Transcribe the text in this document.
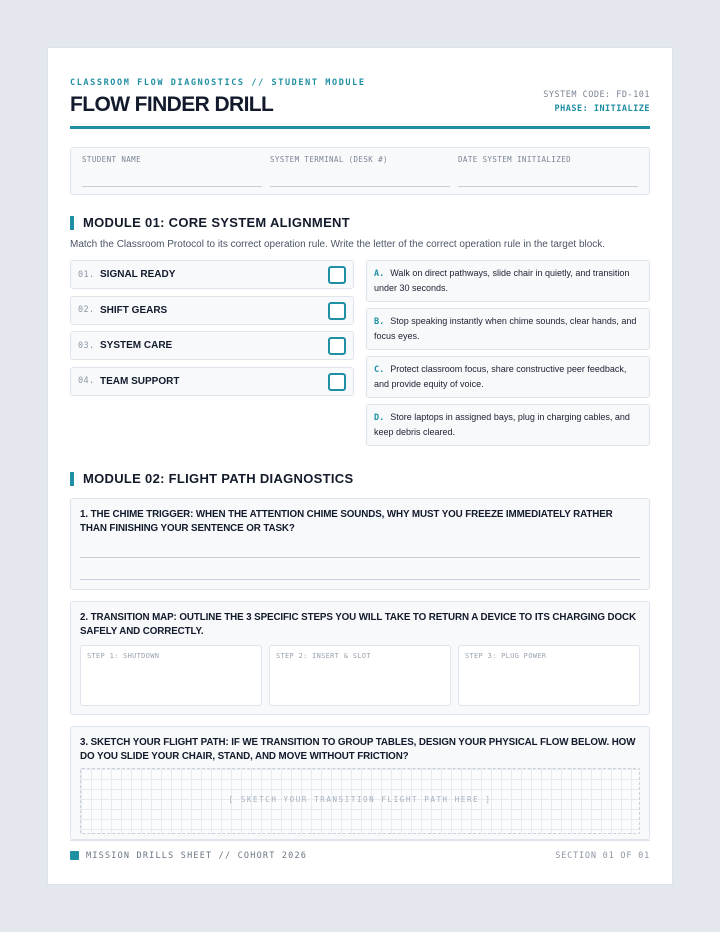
CLASSROOM FLOW DIAGNOSTICS // STUDENT MODULE
FLOW FINDER DRILL	SYSTEM CODE: FD-101
PHASE: INITIALIZE
STUDENT NAME	SYSTEM TERMINAL (DESK #)	DATE SYSTEM INITIALIZED
MODULE 01: CORE SYSTEM ALIGNMENT
Match the Classroom Protocol to its correct operation rule. Write the letter of the correct operation rule in the target block.
01. SIGNAL READY
02. SHIFT GEARS
03. SYSTEM CARE
04. TEAM SUPPORT
A. Walk on direct pathways, slide chair in quietly, and transition under 30 seconds.
B. Stop speaking instantly when chime sounds, clear hands, and focus eyes.
C. Protect classroom focus, share constructive peer feedback, and provide equity of voice.
D. Store laptops in assigned bays, plug in charging cables, and keep debris cleared.
MODULE 02: FLIGHT PATH DIAGNOSTICS
1. THE CHIME TRIGGER: WHEN THE ATTENTION CHIME SOUNDS, WHY MUST YOU FREEZE IMMEDIATELY RATHER THAN FINISHING YOUR SENTENCE OR TASK?
2. TRANSITION MAP: OUTLINE THE 3 SPECIFIC STEPS YOU WILL TAKE TO RETURN A DEVICE TO ITS CHARGING DOCK SAFELY AND CORRECTLY.
STEP 1: SHUTDOWN	STEP 2: INSERT & SLOT	STEP 3: PLUG POWER
3. SKETCH YOUR FLIGHT PATH: IF WE TRANSITION TO GROUP TABLES, DESIGN YOUR PHYSICAL FLOW BELOW. HOW DO YOU SLIDE YOUR CHAIR, STAND, AND MOVE WITHOUT FRICTION?
[ SKETCH YOUR TRANSITION FLIGHT PATH HERE ]
MISSION DRILLS SHEET // COHORT 2026	SECTION 01 OF 01
